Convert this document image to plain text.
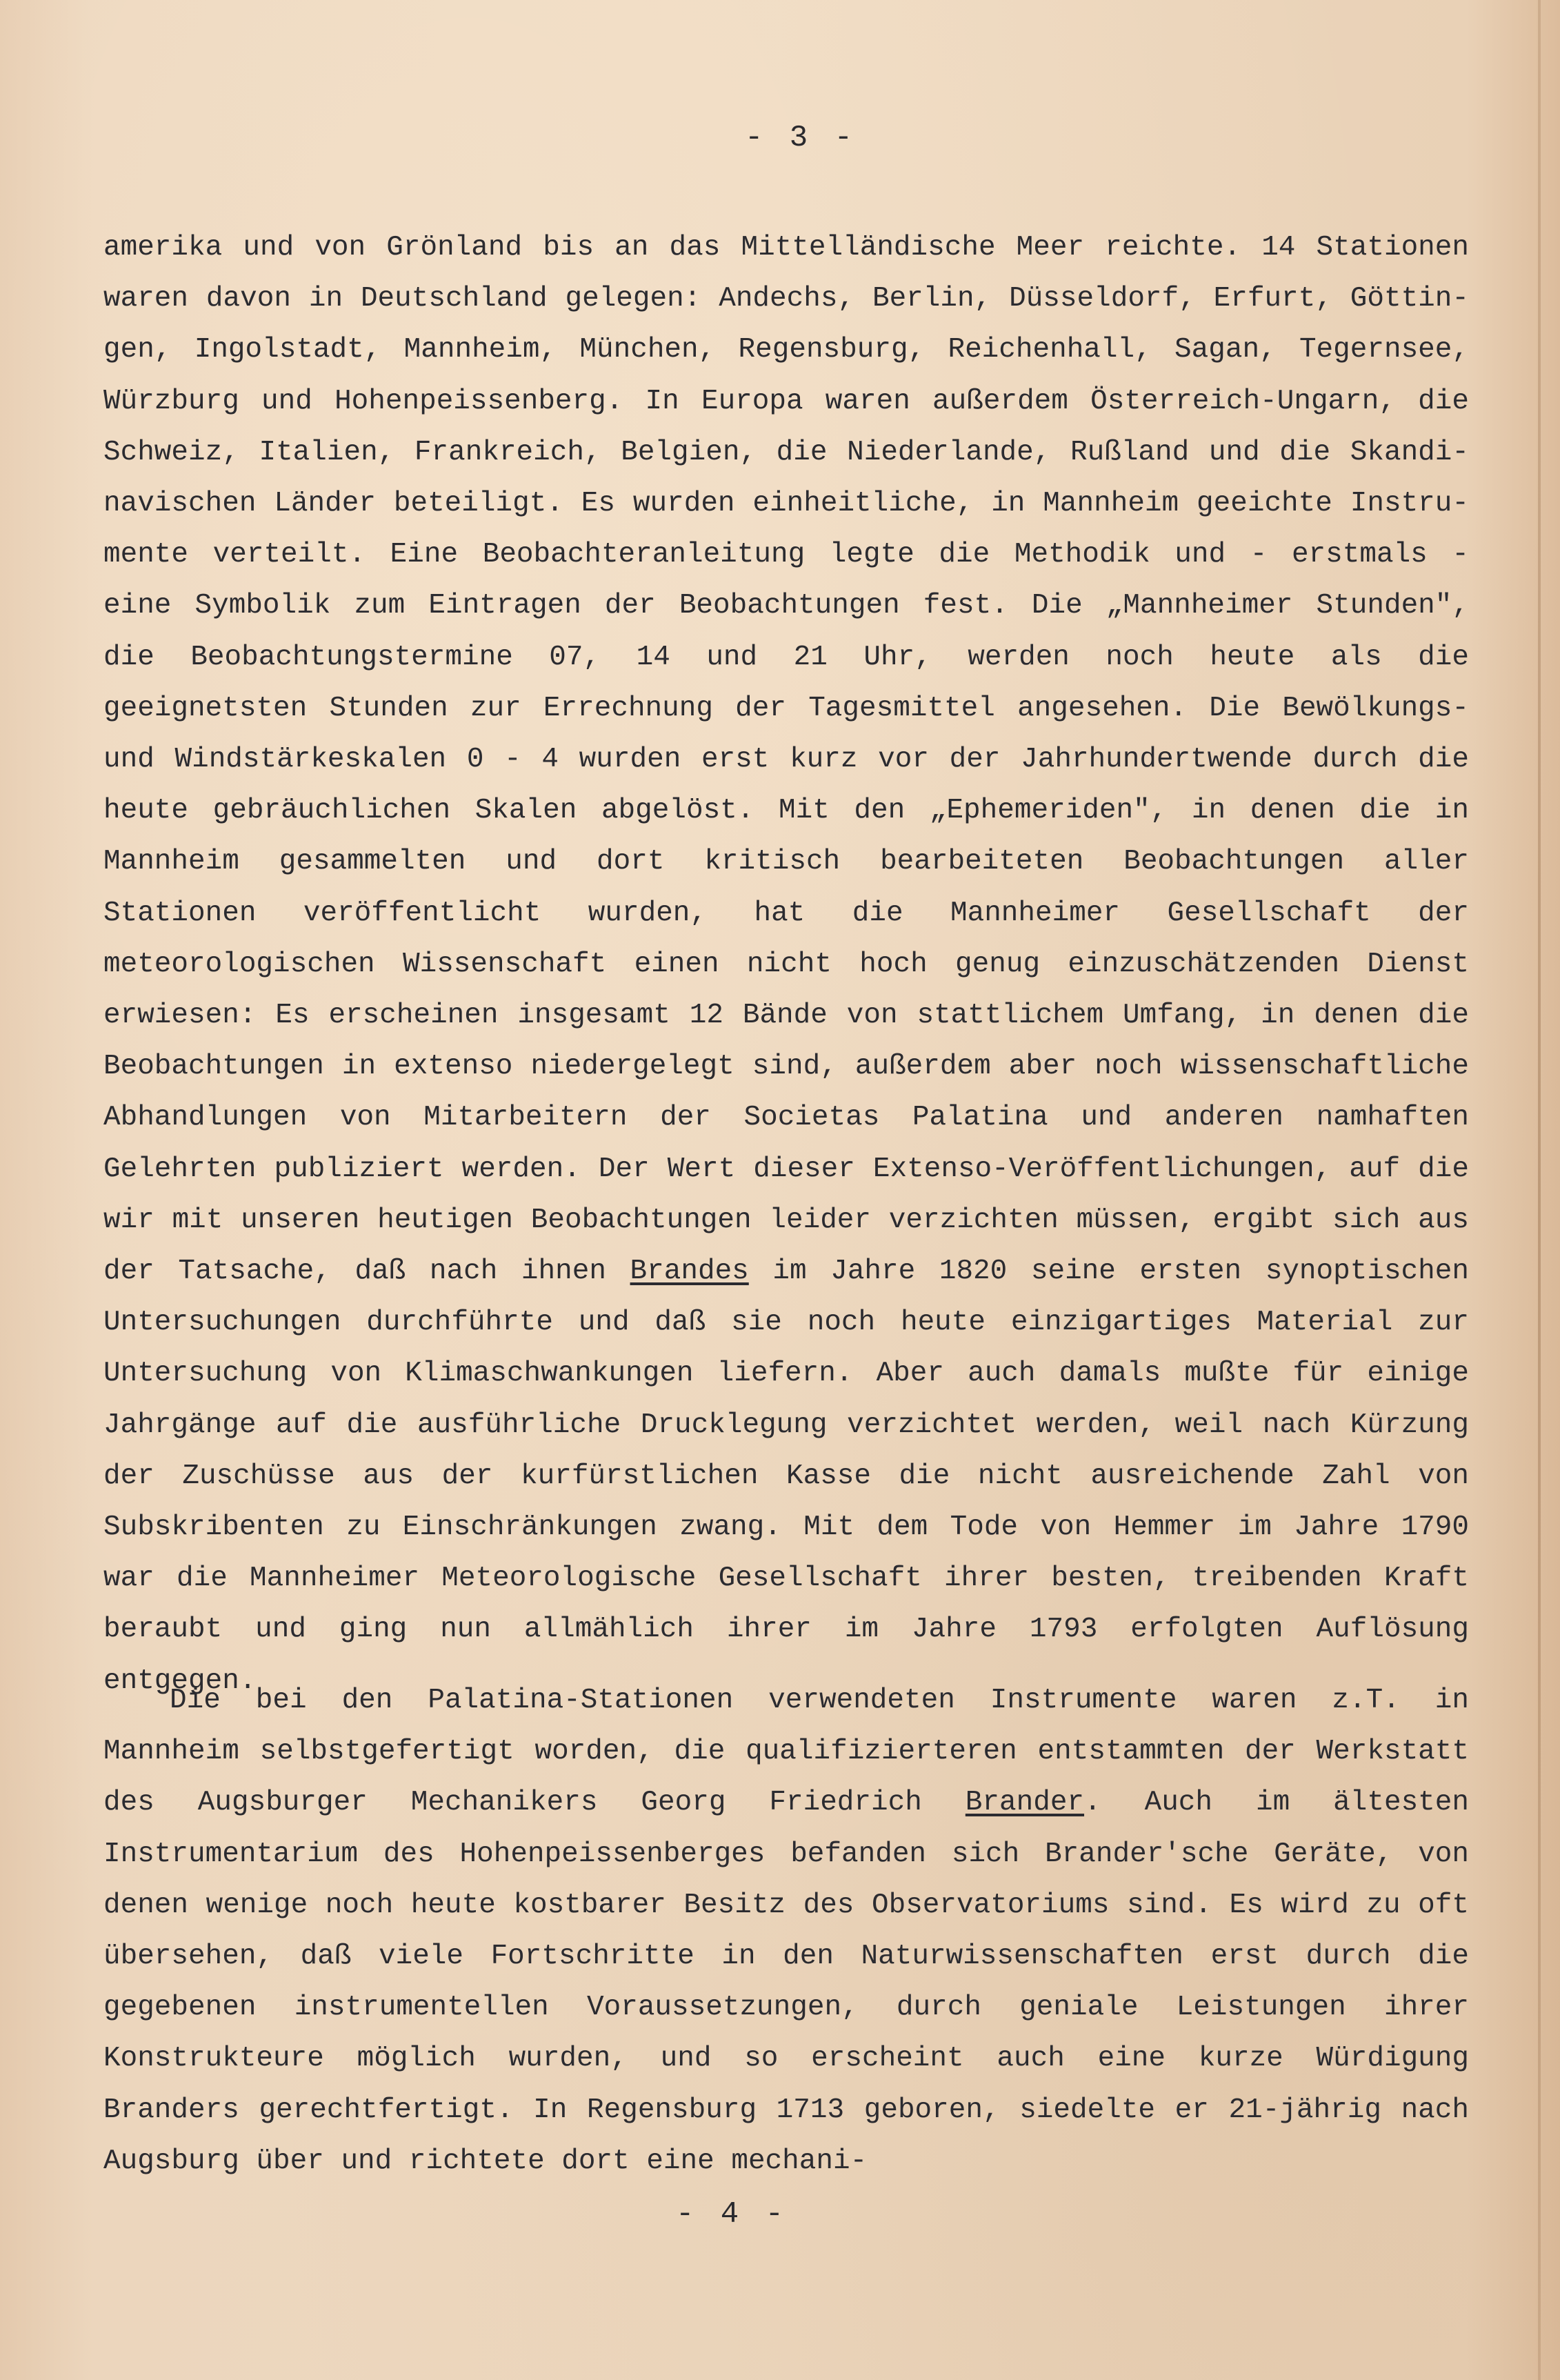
- 3 -
amerika und von Grönland bis an das Mittelländische Meer reichte. 14 Stationen waren davon in Deutschland gelegen: Andechs, Berlin, Düsseldorf, Erfurt, Göttingen, Ingolstadt, Mannheim, München, Regensburg, Reichenhall, Sagan, Tegernsee, Würzburg und Hohenpeissenberg. In Europa waren außerdem Österreich-Ungarn, die Schweiz, Italien, Frankreich, Belgien, die Niederlande, Rußland und die Skandinavischen Länder beteiligt. Es wurden einheitliche, in Mannheim geeichte Instrumente verteilt. Eine Beobachteranleitung legte die Methodik und - erstmals - eine Symbolik zum Eintragen der Beobachtungen fest. Die „Mannheimer Stunden", die Beobachtungstermine 07, 14 und 21 Uhr, werden noch heute als die geeignetsten Stunden zur Errechnung der Tagesmittel angesehen. Die Bewölkungs- und Windstärkeskalen 0 - 4 wurden erst kurz vor der Jahrhundertwende durch die heute gebräuchlichen Skalen abgelöst. Mit den „Ephemeriden", in denen die in Mannheim gesammelten und dort kritisch bearbeiteten Beobachtungen aller Stationen veröffentlicht wurden, hat die Mannheimer Gesellschaft der meteorologischen Wissenschaft einen nicht hoch genug einzuschätzenden Dienst erwiesen: Es erscheinen insgesamt 12 Bände von stattlichem Umfang, in denen die Beobachtungen in extenso niedergelegt sind, außerdem aber noch wissenschaftliche Abhandlungen von Mitarbeitern der Societas Palatina und anderen namhaften Gelehrten publiziert werden. Der Wert dieser Extenso-Veröffentlichungen, auf die wir mit unseren heutigen Beobachtungen leider verzichten müssen, ergibt sich aus der Tatsache, daß nach ihnen Brandes im Jahre 1820 seine ersten synoptischen Untersuchungen durchführte und daß sie noch heute einzigartiges Material zur Untersuchung von Klimaschwankungen liefern. Aber auch damals mußte für einige Jahrgänge auf die ausführliche Drucklegung verzichtet werden, weil nach Kürzung der Zuschüsse aus der kurfürstlichen Kasse die nicht ausreichende Zahl von Subskribenten zu Einschränkungen zwang. Mit dem Tode von Hemmer im Jahre 1790 war die Mannheimer Meteorologische Gesellschaft ihrer besten, treibenden Kraft beraubt und ging nun allmählich ihrer im Jahre 1793 erfolgten Auflösung entgegen.
Die bei den Palatina-Stationen verwendeten Instrumente waren z.T. in Mannheim selbstgefertigt worden, die qualifizierteren entstammten der Werkstatt des Augsburger Mechanikers Georg Friedrich Brander. Auch im ältesten Instrumentarium des Hohenpeissenberges befanden sich Brander'sche Geräte, von denen wenige noch heute kostbarer Besitz des Observatoriums sind. Es wird zu oft übersehen, daß viele Fortschritte in den Naturwissenschaften erst durch die gegebenen instrumentellen Voraussetzungen, durch geniale Leistungen ihrer Konstrukteure möglich wurden, und so erscheint auch eine kurze Würdigung Branders gerechtfertigt. In Regensburg 1713 geboren, siedelte er 21-jährig nach Augsburg über und richtete dort eine mechani-
- 4 -
